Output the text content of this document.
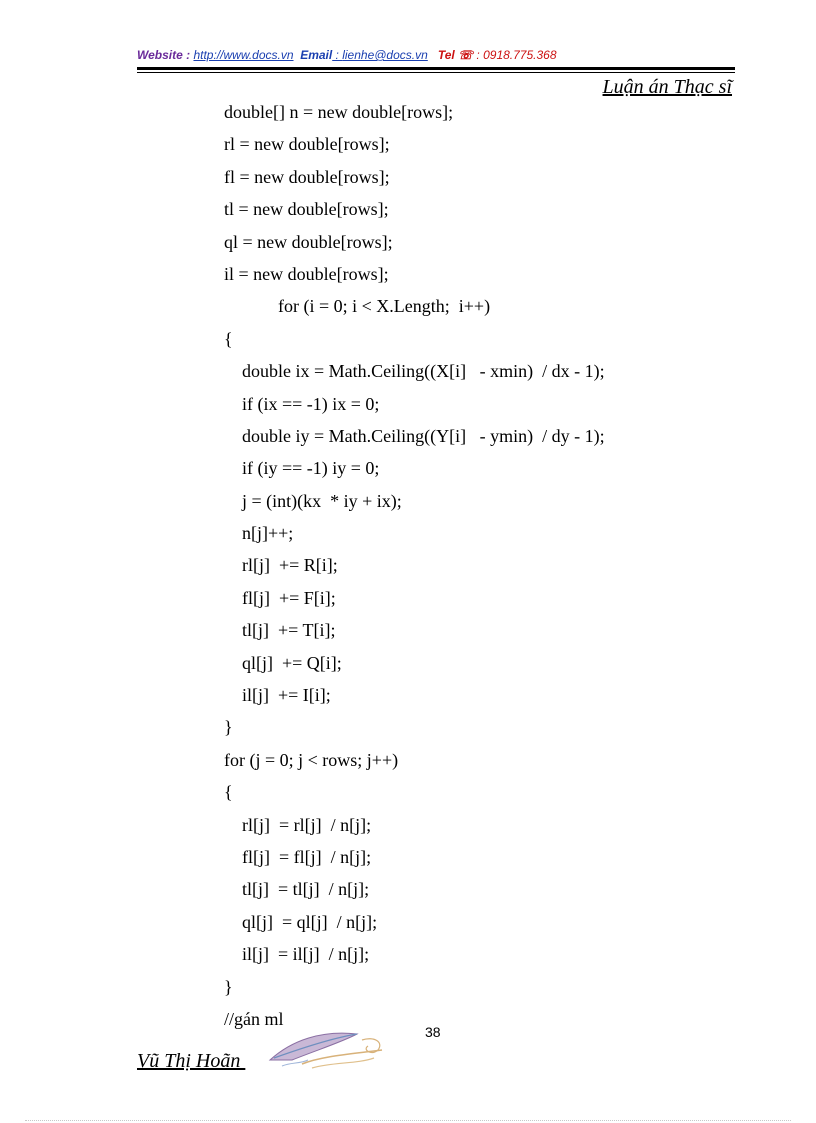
Website : http://www.docs.vn Email : lienhe@docs.vn Tel ☏ : 0918.775.368
Luận án Thạc sĩ
double[] n = new double[rows];
rl = new double[rows];
fl = new double[rows];
tl = new double[rows];
ql = new double[rows];
il = new double[rows];
for (i = 0; i < X.Length;  i++)
{
double ix = Math.Ceiling((X[i]   - xmin)  / dx - 1);
if (ix == -1) ix = 0;
double iy = Math.Ceiling((Y[i]   - ymin)  / dy - 1);
if (iy == -1) iy = 0;
j = (int)(kx  * iy + ix);
n[j]++;
rl[j]  += R[i];
fl[j]  += F[i];
tl[j]  += T[i];
ql[j]  += Q[i];
il[j]  += I[i];
}
for (j = 0; j < rows; j++)
{
rl[j]  = rl[j]  / n[j];
fl[j]  = fl[j]  / n[j];
tl[j]  = tl[j]  / n[j];
ql[j]  = ql[j]  / n[j];
il[j]  = il[j]  / n[j];
}
//gán ml
38
Vũ Thị Hoãn
